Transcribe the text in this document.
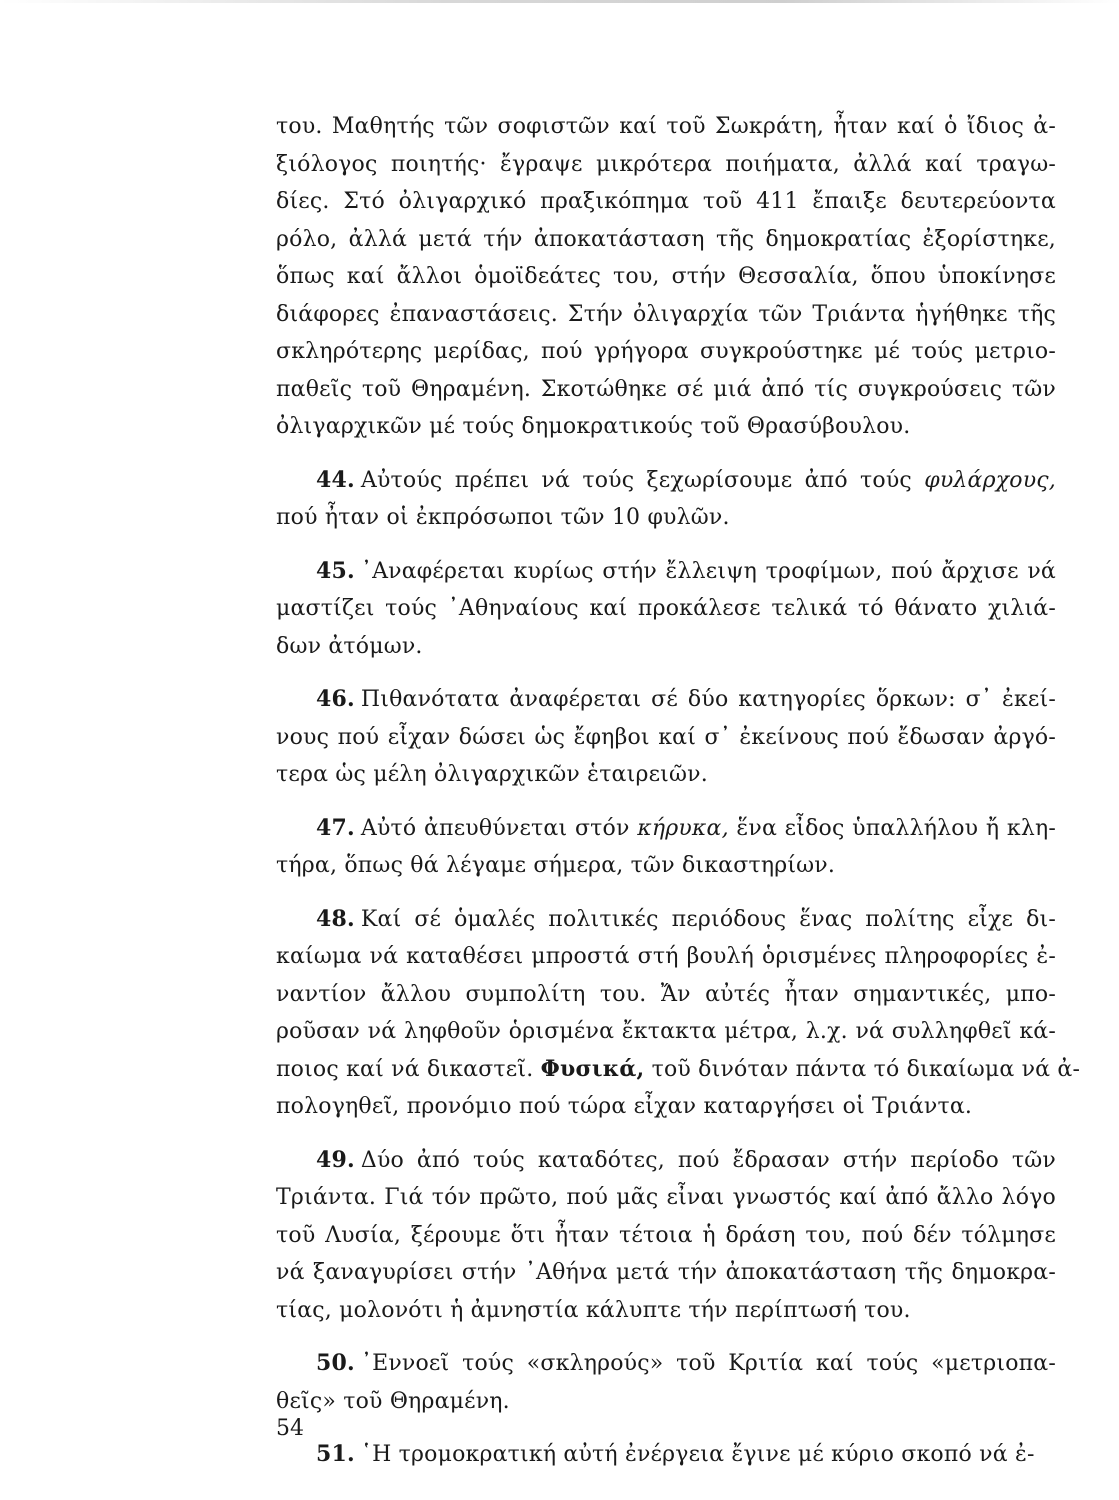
του. Μαθητής τῶν σοφιστῶν καί τοῦ Σωκράτη, ἦταν καί ὁ ἴδιος ἀ-
ξιόλογος ποιητής· ἔγραψε μικρότερα ποιήματα, ἀλλά καί τραγω-
δίες. Στό ὀλιγαρχικό πραξικόπημα τοῦ 411 ἔπαιξε δευτερεύοντα
ρόλο, ἀλλά μετά τήν ἀποκατάσταση τῆς δημοκρατίας ἐξορίστηκε,
ὅπως καί ἄλλοι ὁμοϊδεάτες του, στήν Θεσσαλία, ὅπου ὑποκίνησε
διάφορες ἐπαναστάσεις. Στήν ὀλιγαρχία τῶν Τριάντα ἡγήθηκε τῆς
σκληρότερης μερίδας, πού γρήγορα συγκρούστηκε μέ τούς μετριο-
παθεῖς τοῦ Θηραμένη. Σκοτώθηκε σέ μιά ἀπό τίς συγκρούσεις τῶν
ὀλιγαρχικῶν μέ τούς δημοκρατικούς τοῦ Θρασύβουλου.

44. Αὐτούς πρέπει νά τούς ξεχωρίσουμε ἀπό τούς φυλάρχους,
πού ἦταν οἱ ἐκπρόσωποι τῶν 10 φυλῶν.

45. ᾿Αναφέρεται κυρίως στήν ἔλλειψη τροφίμων, πού ἄρχισε νά
μαστίζει τούς ᾿Αθηναίους καί προκάλεσε τελικά τό θάνατο χιλιά-
δων ἀτόμων.

46. Πιθανότατα ἀναφέρεται σέ δύο κατηγορίες ὅρκων: σ᾿ ἐκεί-
νους πού εἶχαν δώσει ὡς ἔφηβοι καί σ᾿ ἐκείνους πού ἔδωσαν ἀργό-
τερα ὡς μέλη ὀλιγαρχικῶν ἑταιρειῶν.

47. Αὐτό ἀπευθύνεται στόν κήρυκα, ἕνα εἶδος ὑπαλλήλου ἤ κλη-
τήρα, ὅπως θά λέγαμε σήμερα, τῶν δικαστηρίων.

48. Καί σέ ὁμαλές πολιτικές περιόδους ἕνας πολίτης εἶχε δι-
καίωμα νά καταθέσει μπροστά στή βουλή ὁρισμένες πληροφορίες ἐ-
ναντίον ἄλλου συμπολίτη του. Ἄν αὐτές ἦταν σημαντικές, μπο-
ροῦσαν νά ληφθοῦν ὁρισμένα ἔκτακτα μέτρα, λ.χ. νά συλληφθεῖ κά-
ποιος καί νά δικαστεῖ. Φυσικά, τοῦ δινόταν πάντα τό δικαίωμα νά ἀ-
πολογηθεῖ, προνόμιο πού τώρα εἶχαν καταργήσει οἱ Τριάντα.

49. Δύο ἀπό τούς καταδότες, πού ἔδρασαν στήν περίοδο τῶν
Τριάντα. Γιά τόν πρῶτο, πού μᾶς εἶναι γνωστός καί ἀπό ἄλλο λόγο
τοῦ Λυσία, ξέρουμε ὅτι ἦταν τέτοια ἡ δράση του, πού δέν τόλμησε
νά ξαναγυρίσει στήν ᾿Αθήνα μετά τήν ἀποκατάσταση τῆς δημοκρα-
τίας, μολονότι ἡ ἀμνηστία κάλυπτε τήν περίπτωσή του.

50. ᾿Εννοεῖ τούς «σκληρούς» τοῦ Κριτία καί τούς «μετριοπα-
θεῖς» τοῦ Θηραμένη.

51. ῾Η τρομοκρατική αὐτή ἐνέργεια ἔγινε μέ κύριο σκοπό νά ἐ-

54
